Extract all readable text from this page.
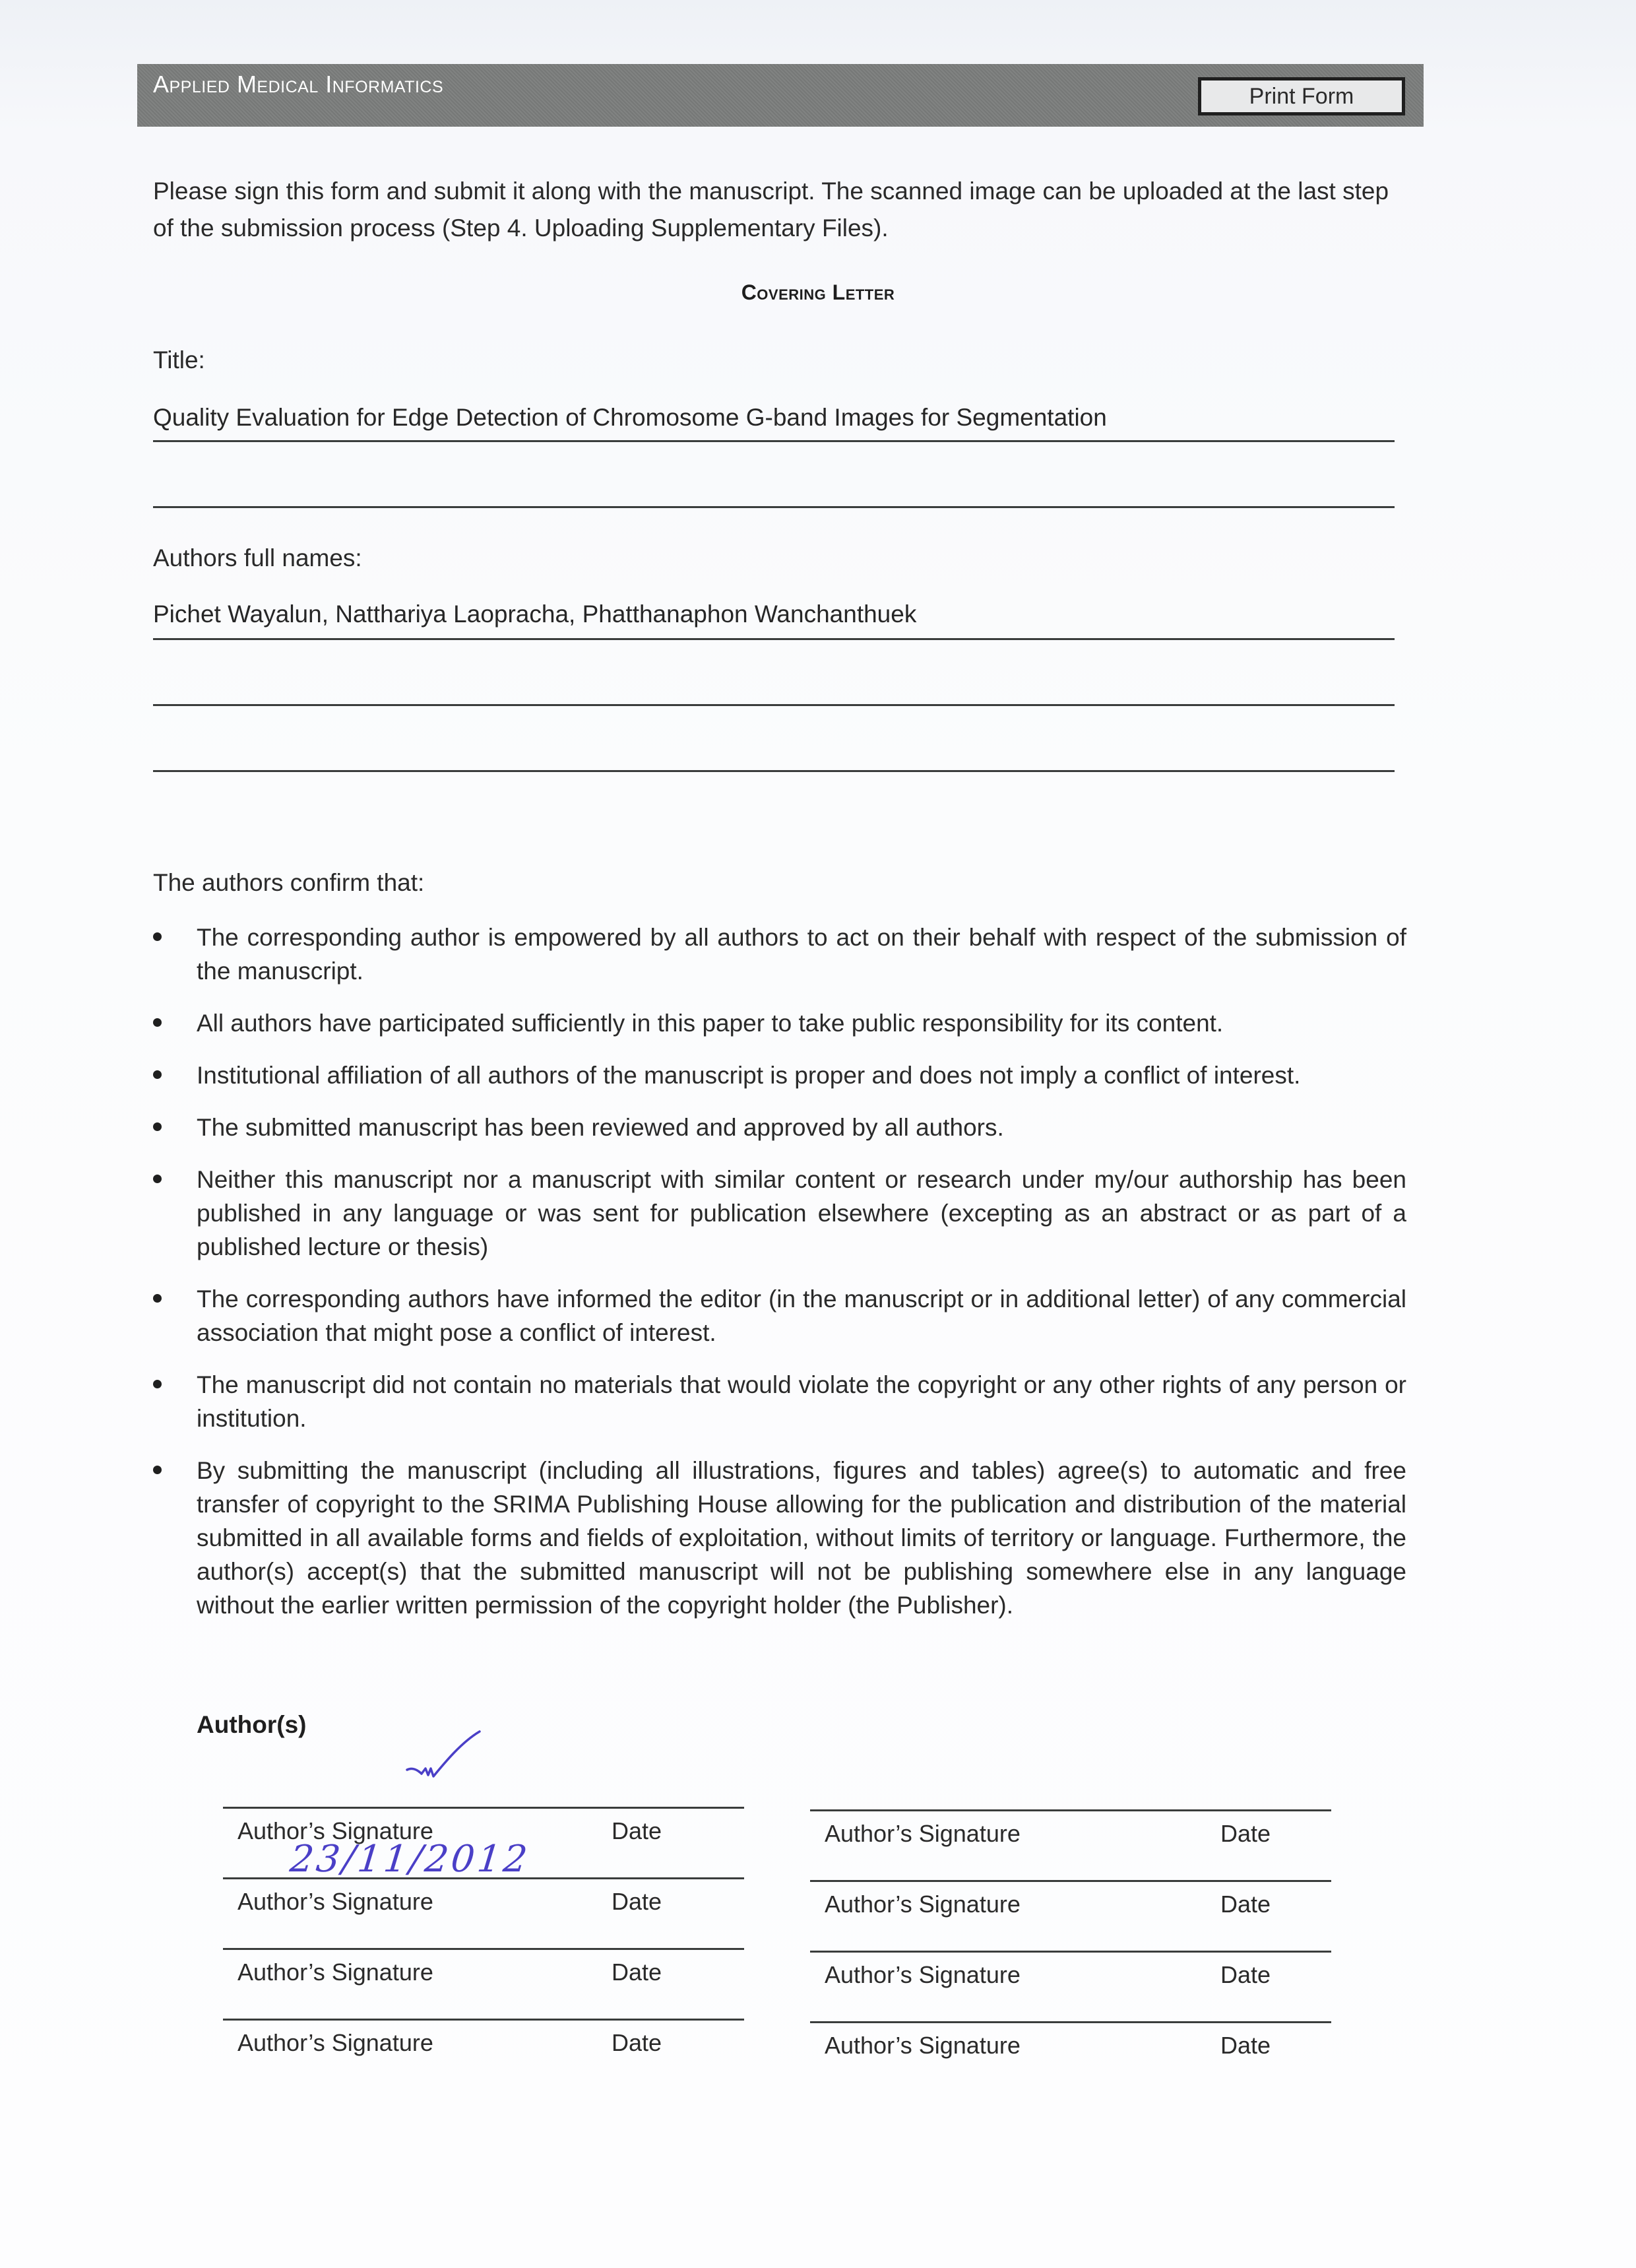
Applied Medical Informatics	Print Form
Please sign this form and submit it along with the manuscript. The scanned image can be uploaded at the last step of the submission process (Step 4. Uploading Supplementary Files).
Covering Letter
Title:
Quality Evaluation for Edge Detection of Chromosome G-band Images for Segmentation
Authors full names:
Pichet Wayalun, Natthariya Laopracha, Phatthanaphon Wanchanthuek
The authors confirm that:
The corresponding author is empowered by all authors to act on their behalf with respect of the submission of the manuscript.
All authors have participated sufficiently in this paper to take public responsibility for its content.
Institutional affiliation of all authors of the manuscript is proper and does not imply a conflict of interest.
The submitted manuscript has been reviewed and approved by all authors.
Neither this manuscript nor a manuscript with similar content or research under my/our authorship has been published in any language or was sent for publication elsewhere (excepting as an abstract or as part of a published lecture or thesis)
The corresponding authors have informed the editor (in the manuscript or in additional letter) of any commercial association that might pose a conflict of interest.
The manuscript did not contain no materials that would violate the copyright or any other rights of any person or institution.
By submitting the manuscript (including all illustrations, figures and tables) agree(s) to automatic and free transfer of copyright to the SRIMA Publishing House allowing for the publication and distribution of the material submitted in all available forms and fields of exploitation, without limits of territory or language. Furthermore, the author(s) accept(s) that the submitted manuscript will not be publishing somewhere else in any language without the earlier written permission of the copyright holder (the Publisher).
Author(s)
Author’s Signature	Date
Author’s Signature	Date
Author’s Signature	Date
Author’s Signature	Date
23/11/2012
Author’s Signature	Date
Author’s Signature	Date
Author’s Signature	Date
Author’s Signature	Date
